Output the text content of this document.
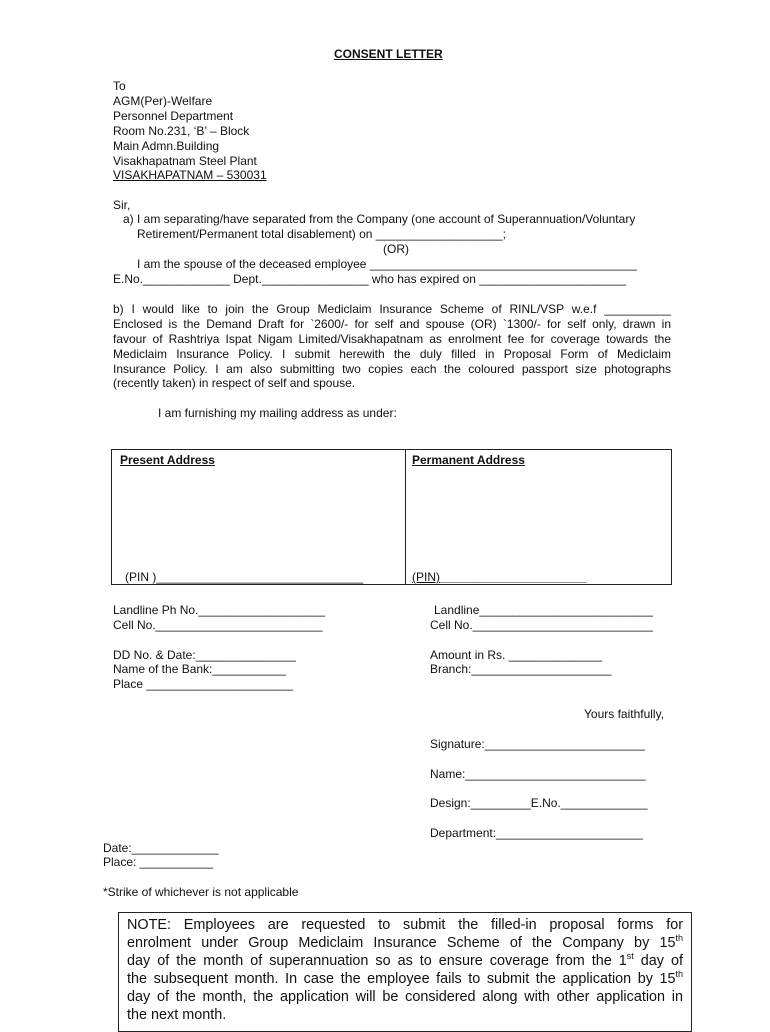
CONSENT LETTER
To
AGM(Per)-Welfare
Personnel Department
Room No.231, ‘B’ – Block
Main Admn.Building
Visakhapatnam Steel Plant
VISAKHAPATNAM – 530031
Sir,
a) I am separating/have separated from the Company (one account of Superannuation/Voluntary
Retirement/Permanent total disablement) on ___________________;
(OR)
I am the spouse of the deceased employee ________________________________________
E.No._____________ Dept.________________ who has expired on ______________________
b) I would like to join the Group Mediclaim Insurance Scheme of RINL/VSP w.e.f __________
Enclosed is the Demand Draft for `2600/- for self and spouse (OR) `1300/- for self only, drawn in
favour of Rashtriya Ispat Nigam Limited/Visakhapatnam as enrolment fee for coverage towards the
Mediclaim Insurance Policy. I submit herewith the duly filled in Proposal Form of Mediclaim
Insurance Policy. I am also submitting two copies each the coloured passport size photographs
(recently taken) in respect of self and spouse.
I am furnishing my mailing address as under:
Present Address	Permanent Address
(PIN )_______________________________	(PIN)______________________
Landline Ph No.___________________
Cell No._________________________
Landline__________________________
Cell No.___________________________
DD No. & Date:_______________
Name of the Bank:___________
Place ______________________
Amount in Rs. ______________
Branch:_____________________
Yours faithfully,
Signature:________________________
Name:___________________________
Design:_________E.No._____________
Department:______________________
Date:_____________
Place: ___________
*Strike of whichever is not applicable
NOTE: Employees are requested to submit the filled-in proposal forms for
enrolment under Group Mediclaim Insurance Scheme of the Company by 15th
day of the month of superannuation so as to ensure coverage from the 1st day of
the subsequent month. In case the employee fails to submit the application by 15th
day of the month, the application will be considered along with other application in
the next month.
